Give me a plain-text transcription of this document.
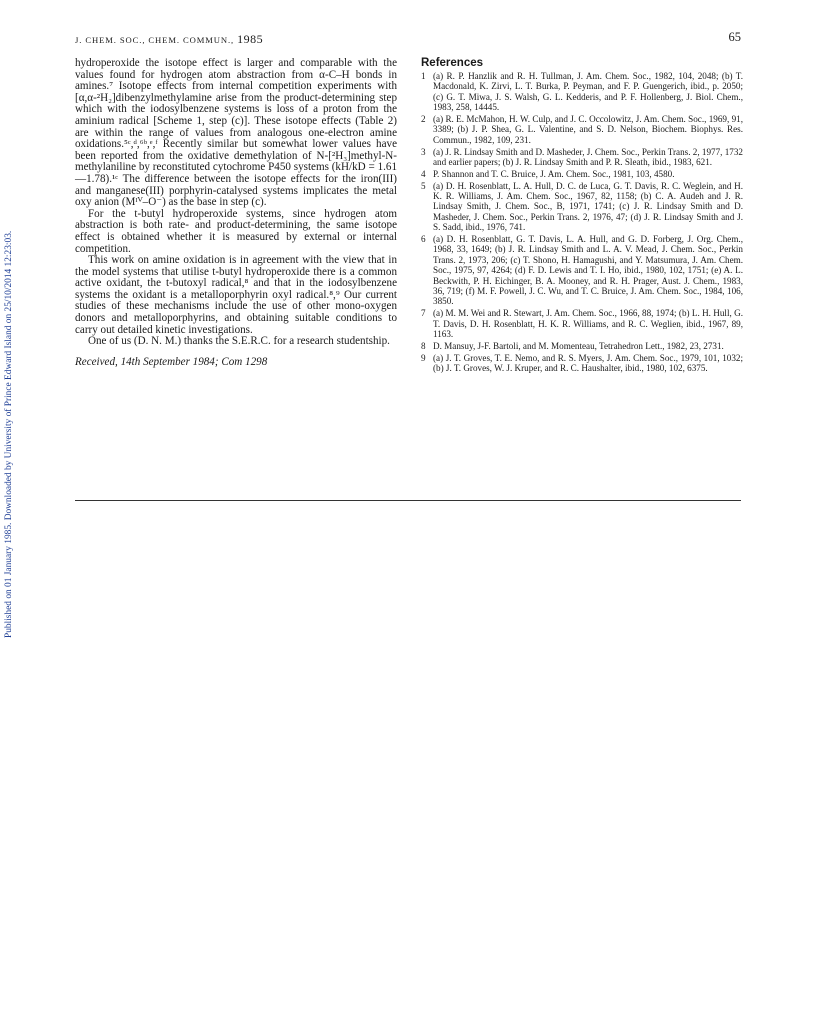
Published on 01 January 1985. Downloaded by University of Prince Edward Island on 25/10/2014 12:23:03.
J. CHEM. SOC., CHEM. COMMUN., 1985	65

hydroperoxide the isotope effect is larger and comparable with the values found for hydrogen atom abstraction from α-C–H bonds in amines.⁷ Isotope effects from internal competition experiments with [α,α-²H₂]dibenzylmethylamine arise from the product-determining step which with the iodosylbenzene systems is loss of a proton from the aminium radical [Scheme 1, step (c)]. These isotope effects (Table 2) are within the range of values from analogous one-electron amine oxidations.⁵ᶜ,ᵈ,⁶ᵇ,ᵉ,ᶠ Recently similar but somewhat lower values have been reported from the oxidative demethylation of N-[²H₃]methyl-N-methylaniline by reconstituted cytochrome P450 systems (kH/kD = 1.61—1.78).¹ᶜ The difference between the isotope effects for the iron(III) and manganese(III) porphyrin-catalysed systems implicates the metal oxy anion (Mᴵⱽ–O⁻) as the base in step (c).

For the t-butyl hydroperoxide systems, since hydrogen atom abstraction is both rate- and product-determining, the same isotope effect is obtained whether it is measured by external or internal competition.

This work on amine oxidation is in agreement with the view that in the model systems that utilise t-butyl hydroperoxide there is a common active oxidant, the t-butoxyl radical,⁸ and that in the iodosylbenzene systems the oxidant is a metalloporphyrin oxyl radical.⁸,⁹ Our current studies of these mechanisms include the use of other mono-oxygen donors and metalloporphyrins, and obtaining suitable conditions to carry out detailed kinetic investigations.

One of us (D. N. M.) thanks the S.E.R.C. for a research studentship.

Received, 14th September 1984; Com 1298

References
1 (a) R. P. Hanzlik and R. H. Tullman, J. Am. Chem. Soc., 1982, 104, 2048; (b) T. Macdonald, K. Zirvi, L. T. Burka, P. Peyman, and F. P. Guengerich, ibid., p. 2050; (c) G. T. Miwa, J. S. Walsh, G. L. Kedderis, and P. F. Hollenberg, J. Biol. Chem., 1983, 258, 14445.
2 (a) R. E. McMahon, H. W. Culp, and J. C. Occolowitz, J. Am. Chem. Soc., 1969, 91, 3389; (b) J. P. Shea, G. L. Valentine, and S. D. Nelson, Biochem. Biophys. Res. Commun., 1982, 109, 231.
3 (a) J. R. Lindsay Smith and D. Masheder, J. Chem. Soc., Perkin Trans. 2, 1977, 1732 and earlier papers; (b) J. R. Lindsay Smith and P. R. Sleath, ibid., 1983, 621.
4 P. Shannon and T. C. Bruice, J. Am. Chem. Soc., 1981, 103, 4580.
5 (a) D. H. Rosenblatt, L. A. Hull, D. C. de Luca, G. T. Davis, R. C. Weglein, and H. K. R. Williams, J. Am. Chem. Soc., 1967, 82, 1158; (b) C. A. Audeh and J. R. Lindsay Smith, J. Chem. Soc., B, 1971, 1741; (c) J. R. Lindsay Smith and D. Masheder, J. Chem. Soc., Perkin Trans. 2, 1976, 47; (d) J. R. Lindsay Smith and J. S. Sadd, ibid., 1976, 741.
6 (a) D. H. Rosenblatt, G. T. Davis, L. A. Hull, and G. D. Forberg, J. Org. Chem., 1968, 33, 1649; (b) J. R. Lindsay Smith and L. A. V. Mead, J. Chem. Soc., Perkin Trans. 2, 1973, 206; (c) T. Shono, H. Hamagushi, and Y. Matsumura, J. Am. Chem. Soc., 1975, 97, 4264; (d) F. D. Lewis and T. I. Ho, ibid., 1980, 102, 1751; (e) A. L. Beckwith, P. H. Eichinger, B. A. Mooney, and R. H. Prager, Aust. J. Chem., 1983, 36, 719; (f) M. F. Powell, J. C. Wu, and T. C. Bruice, J. Am. Chem. Soc., 1984, 106, 3850.
7 (a) M. M. Wei and R. Stewart, J. Am. Chem. Soc., 1966, 88, 1974; (b) L. H. Hull, G. T. Davis, D. H. Rosenblatt, H. K. R. Williams, and R. C. Weglien, ibid., 1967, 89, 1163.
8 D. Mansuy, J-F. Bartoli, and M. Momenteau, Tetrahedron Lett., 1982, 23, 2731.
9 (a) J. T. Groves, T. E. Nemo, and R. S. Myers, J. Am. Chem. Soc., 1979, 101, 1032; (b) J. T. Groves, W. J. Kruper, and R. C. Haushalter, ibid., 1980, 102, 6375.
